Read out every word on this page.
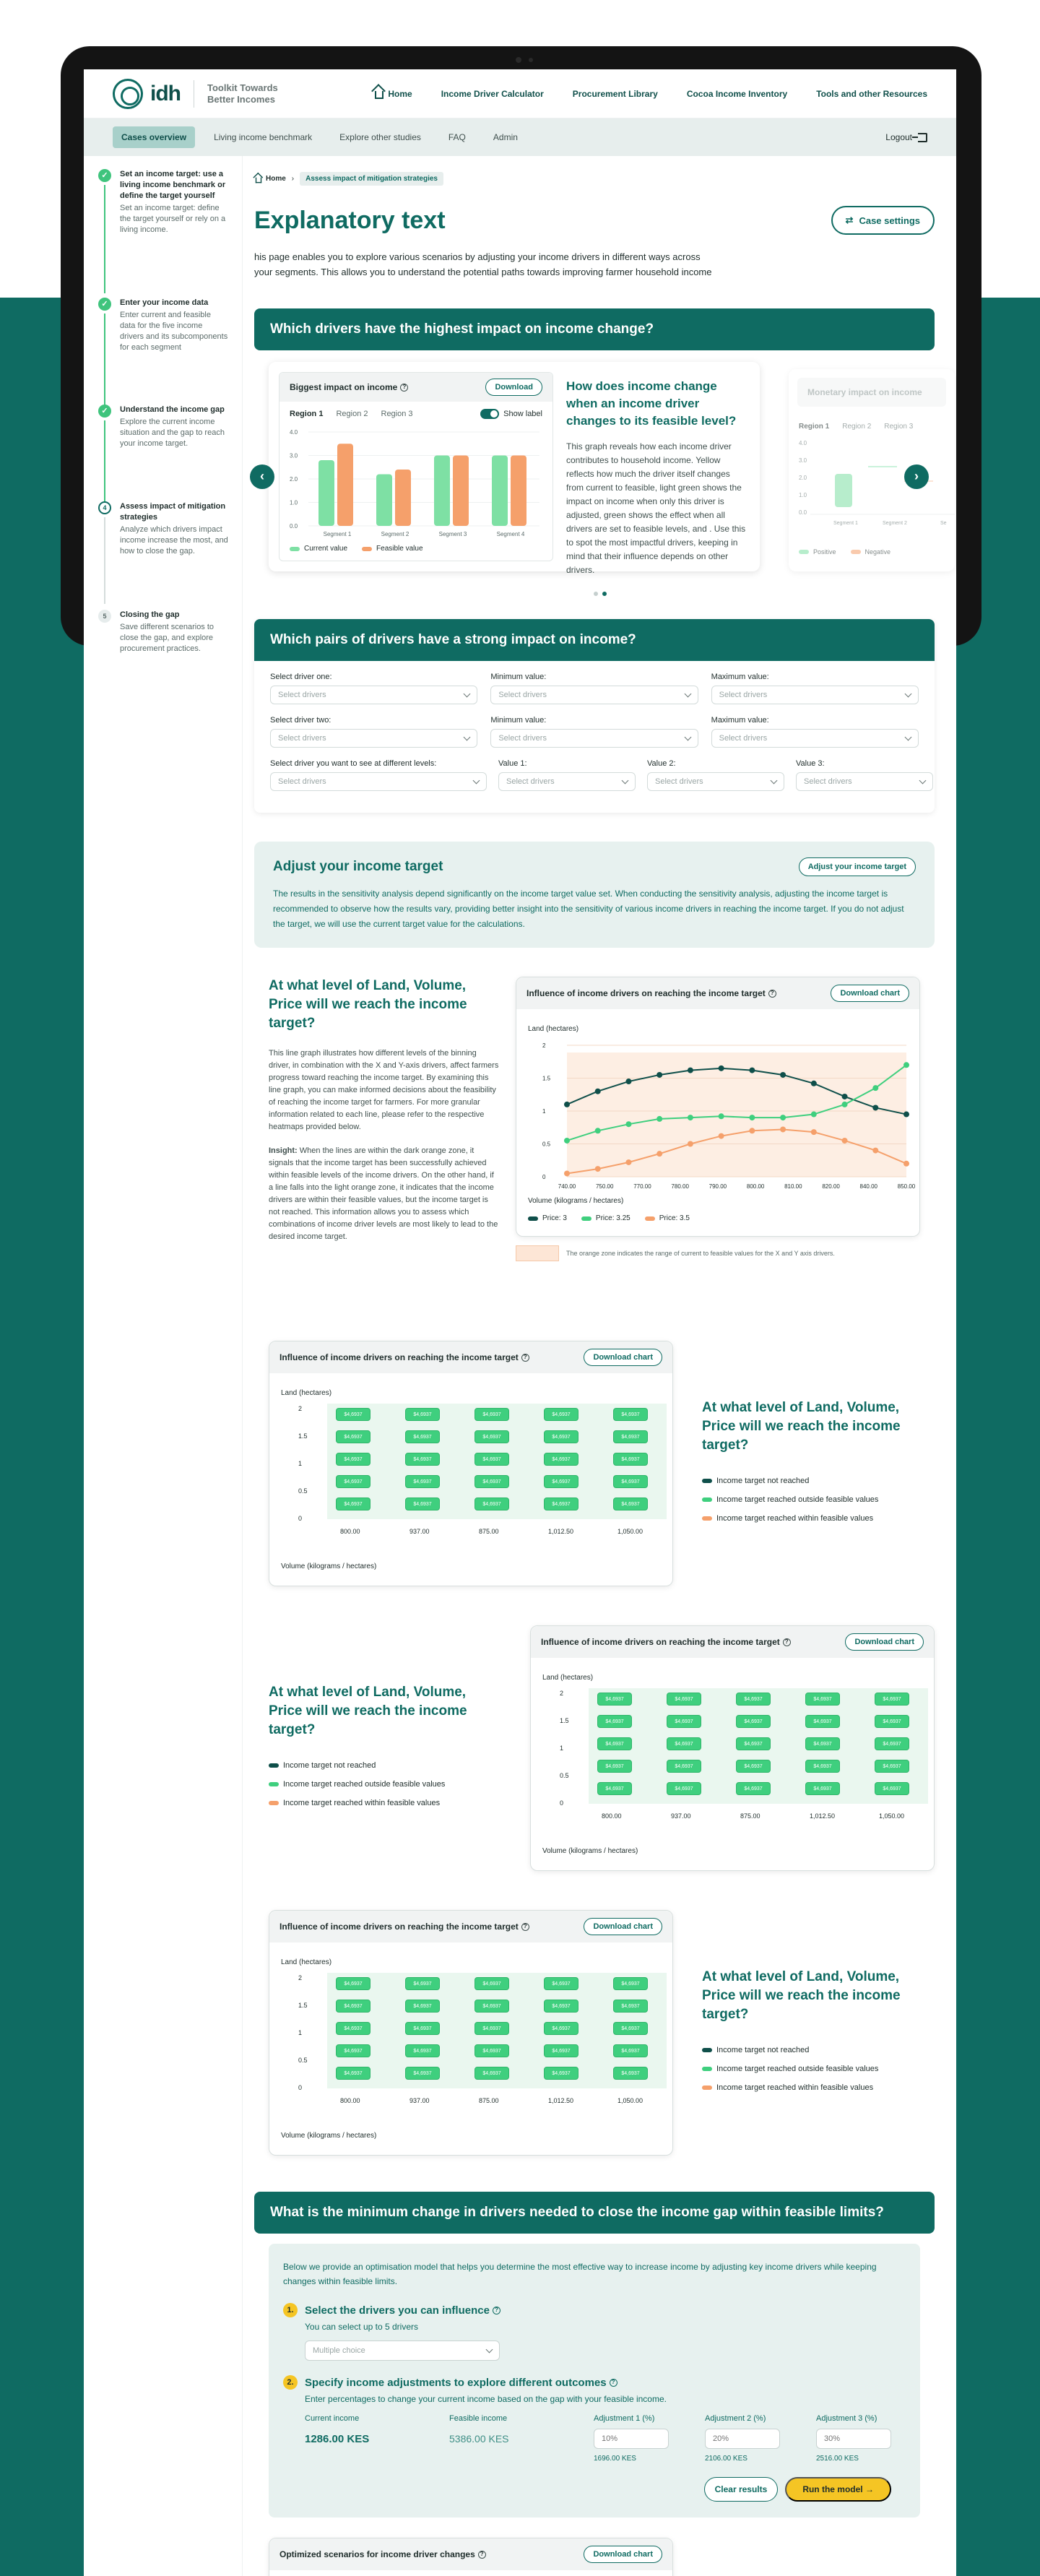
idh	Toolkit Towards
Better Incomes	Home	Income Driver Calculator	Procurement Library	Cocoa Income Inventory	Tools and other Resources
Cases overview	Living income benchmark	Explore other studies	FAQ	Admin	Logout
✓	Set an income target: use a living income benchmark or define the target yourself
Set an income target: define the target yourself or rely on a living income.
✓	Enter your income data
Enter current and feasible data for the five income drivers and its subcomponents for each segment
✓	Understand the income gap
Explore the current income situation and the gap to reach your income target.
4	Assess impact of mitigation strategies
Analyze which drivers impact income increase the most, and how to close the gap.
5	Closing the gap
Save different scenarios to close the gap, and explore procurement practices.
Home ›	Assess impact of mitigation strategies
Explanatory text	⇄ Case settings

his page enables you to explore various scenarios by adjusting your income drivers in different ways across your segments. This allows you to understand the potential paths towards improving farmer household income

Which drivers have the highest impact on income change?
Biggest impact on income ?	Download
Region 1 Region 2 Region 3	Show label
0.0
1.0
2.0
3.0
4.0
Segment 1	Segment 2	Segment 3	Segment 4
Current value	Feasible value
How does income change when an income driver changes to its feasible level?

This graph reveals how each income driver contributes to household income. Yellow reflects how much the driver itself changes from current to feasible, light green shows the impact on income when only this driver is adjusted, green shows the effect when all drivers are set to feasible levels, and . Use this to spot the most impactful drivers, keeping in mind that their influence depends on other drivers.

Monetary impact on income
Region 1 Region 2 Region 3
4.0
3.0
2.0
1.0
0.0
Segment 1	Segment 2	Se
Positive	Negative
‹	›
Which pairs of drivers have a strong impact on income?
Select driver one:
Select drivers
Minimum value:
Select drivers
Maximum value:
Select drivers
Select driver two:
Select drivers
Minimum value:
Select drivers
Maximum value:
Select drivers
Select driver you want to see at different levels:
Select drivers
Value 1:
Select drivers
Value 2:
Select drivers
Value 3:
Select drivers
Adjust your income target	Adjust your income target

The results in the sensitivity analysis depend significantly on the income target value set. When conducting the sensitivity analysis, adjusting the income target is recommended to observe how the results vary, providing better insight into the sensitivity of various income drivers in reaching the income target. If you do not adjust the target, we will use the current target value for the calculations.

At what level of Land, Volume, Price will we reach the income target?

This line graph illustrates how different levels of the binning driver, in combination with the X and Y-axis drivers, affect farmers progress toward reaching the income target. By examining this line graph, you can make informed decisions about the feasibility of reaching the income target for farmers. For more granular information related to each line, please refer to the respective heatmaps provided below.

Insight: When the lines are within the dark orange zone, it signals that the income target has been successfully achieved within feasible levels of the income drivers. On the other hand, if a line falls into the light orange zone, it indicates that the income drivers are within their feasible values, but the income target is not reached. This information allows you to assess which combinations of income driver levels are most likely to lead to the desired income target.

Influence of income drivers on reaching the income target ?	Download chart
Land (hectares)
0
0.5
1
1.5
2
740.00	750.00	770.00	780.00	790.00	800.00	810.00	820.00	840.00	850.00
Volume (kilograms / hectares)
Price: 3	Price: 3.25	Price: 3.5
The orange zone indicates the range of current to feasible values for the X and Y axis drivers.
Influence of income drivers on reaching the income target ?	Download chart
Land (hectares)
$4,6937	$4,6937	$4,6937	$4,6937	$4,6937
$4,6937	$4,6937	$4,6937	$4,6937	$4,6937
$4,6937	$4,6937	$4,6937	$4,6937	$4,6937
$4,6937	$4,6937	$4,6937	$4,6937	$4,6937
$4,6937	$4,6937	$4,6937	$4,6937	$4,6937
2
1.5
1
0.5
0
800.00	937.00	875.00	1,012.50	1,050.00
Volume (kilograms / hectares)
At what level of Land, Volume, Price will we reach the income target?
Income target not reached
Income target reached outside feasible values
Income target reached within feasible values
Influence of income drivers on reaching the income target ?	Download chart
Land (hectares)
$4,6937	$4,6937	$4,6937	$4,6937	$4,6937
$4,6937	$4,6937	$4,6937	$4,6937	$4,6937
$4,6937	$4,6937	$4,6937	$4,6937	$4,6937
$4,6937	$4,6937	$4,6937	$4,6937	$4,6937
$4,6937	$4,6937	$4,6937	$4,6937	$4,6937
2
1.5
1
0.5
0
800.00	937.00	875.00	1,012.50	1,050.00
Volume (kilograms / hectares)
At what level of Land, Volume, Price will we reach the income target?
Income target not reached
Income target reached outside feasible values
Income target reached within feasible values
Influence of income drivers on reaching the income target ?	Download chart
Land (hectares)
$4,6937	$4,6937	$4,6937	$4,6937	$4,6937
$4,6937	$4,6937	$4,6937	$4,6937	$4,6937
$4,6937	$4,6937	$4,6937	$4,6937	$4,6937
$4,6937	$4,6937	$4,6937	$4,6937	$4,6937
$4,6937	$4,6937	$4,6937	$4,6937	$4,6937
2
1.5
1
0.5
0
800.00	937.00	875.00	1,012.50	1,050.00
Volume (kilograms / hectares)
At what level of Land, Volume, Price will we reach the income target?
Income target not reached
Income target reached outside feasible values
Income target reached within feasible values
What is the minimum change in drivers needed to close the income gap within feasible limits?

Below we provide an optimisation model that helps you determine the most effective way to increase income by adjusting key income drivers while keeping changes within feasible limits.

1.	Select the drivers you can influence ?
You can select up to 5 drivers
Multiple choice
2.	Specify income adjustments to explore different outcomes ?
Enter percentages to change your current income based on the gap with your feasible income.
Current income
1286.00 KES
Feasible income
5386.00 KES
Adjustment 1 (%)
10%
1696.00 KES
Adjustment 2 (%)
20%
2106.00 KES
Adjustment 3 (%)
30%
2516.00 KES
Clear results	Run the model →
Optimized scenarios for income driver changes ?	Download chart
